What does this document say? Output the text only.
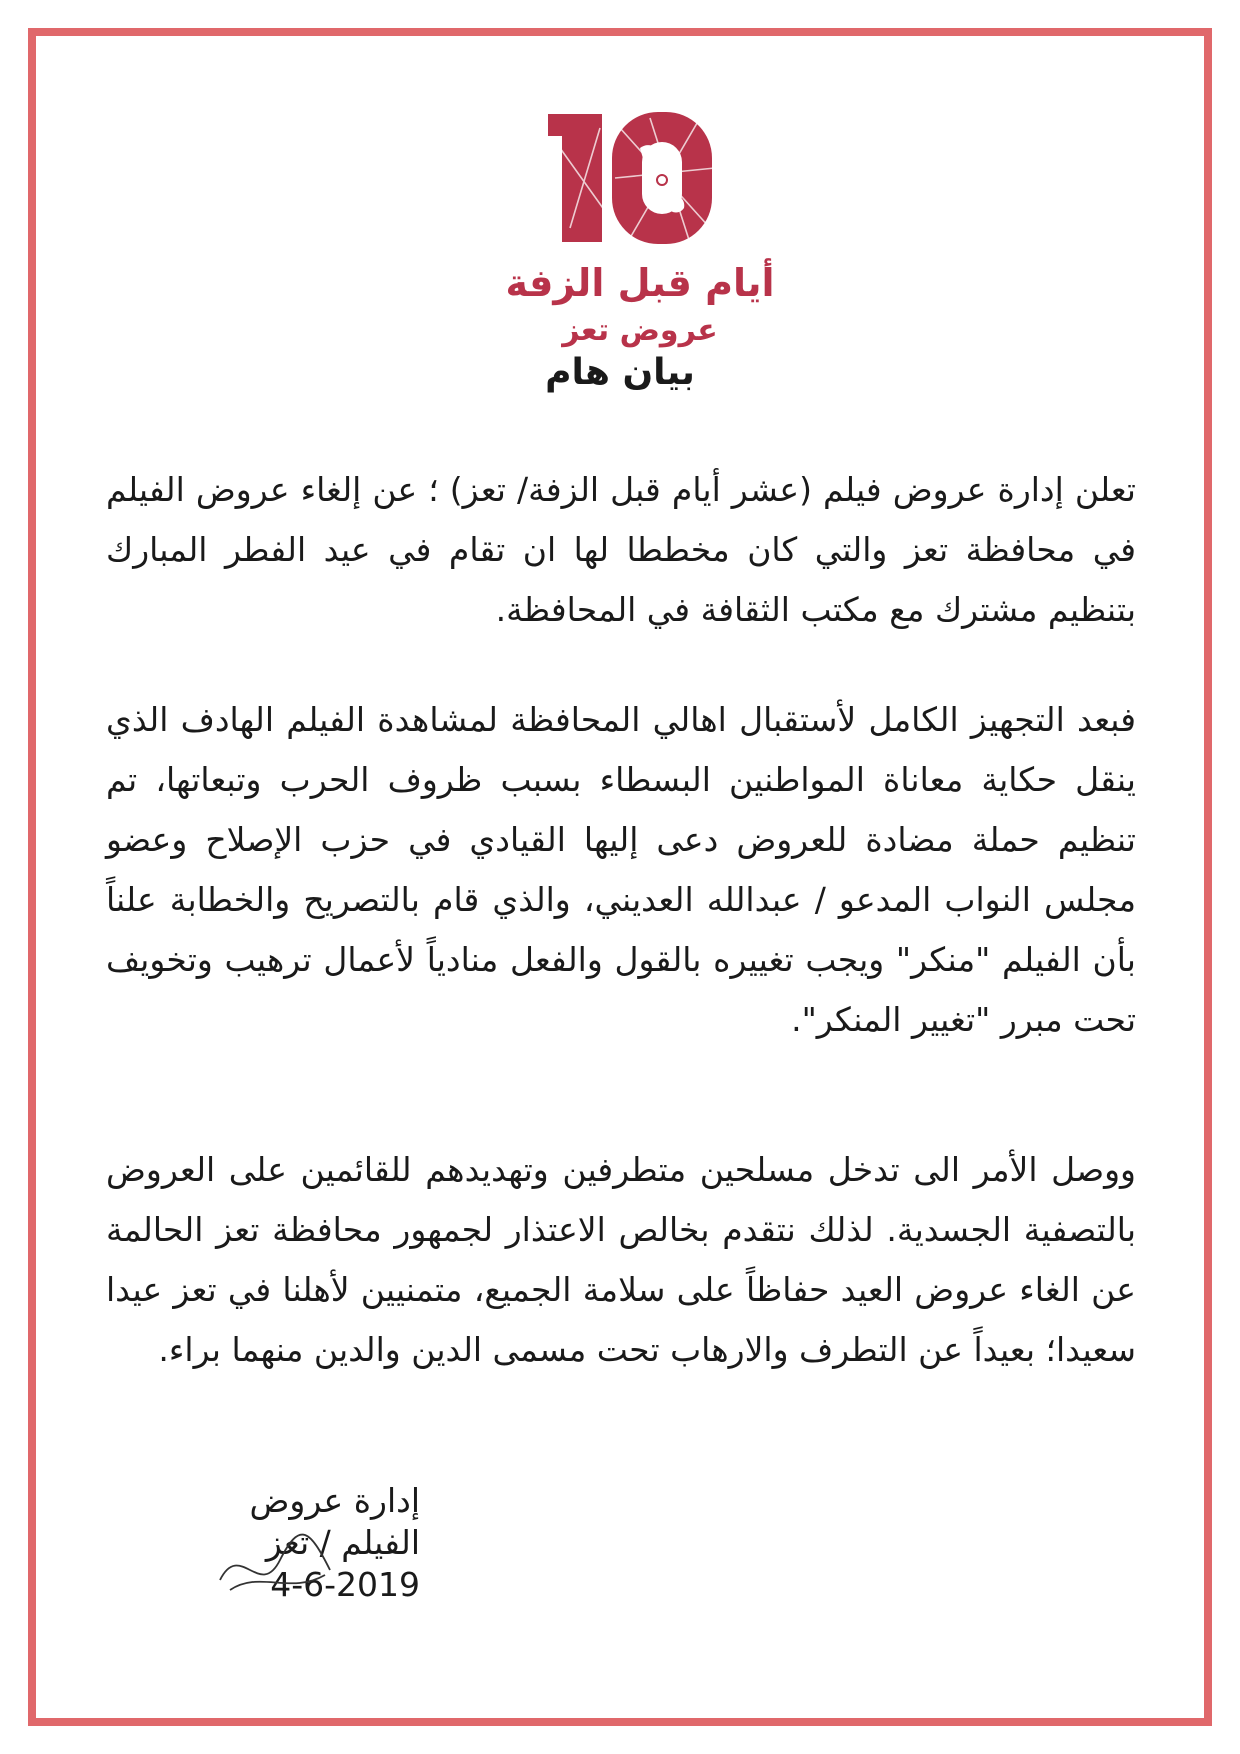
أيام قبل الزفة
عروض تعز
بيان هام
تعلن إدارة عروض فيلم (عشر أيام قبل الزفة/ تعز) ؛ عن إلغاء عروض الفيلم في محافظة تعز والتي كان مخططا لها ان تقام في عيد الفطر المبارك بتنظيم مشترك مع مكتب الثقافة في المحافظة.
فبعد التجهيز الكامل لأستقبال اهالي المحافظة لمشاهدة الفيلم الهادف الذي ينقل حكاية معاناة المواطنين البسطاء بسبب ظروف الحرب وتبعاتها، تم تنظيم حملة مضادة للعروض دعى إليها القيادي في حزب الإصلاح وعضو مجلس النواب المدعو / عبدالله العديني، والذي قام بالتصريح والخطابة علناً بأن الفيلم "منكر" ويجب تغييره بالقول والفعل منادياً لأعمال ترهيب وتخويف تحت مبرر "تغيير المنكر".
ووصل الأمر الى تدخل مسلحين متطرفين وتهديدهم للقائمين على العروض بالتصفية الجسدية. لذلك نتقدم بخالص الاعتذار لجمهور محافظة تعز الحالمة عن الغاء عروض العيد حفاظاً على سلامة الجميع، متمنيين لأهلنا في تعز عيدا سعيدا؛ بعيداً عن التطرف والارهاب تحت مسمى الدين والدين منهما براء.
إدارة عروض
الفيلم / تعز
4-6-2019
